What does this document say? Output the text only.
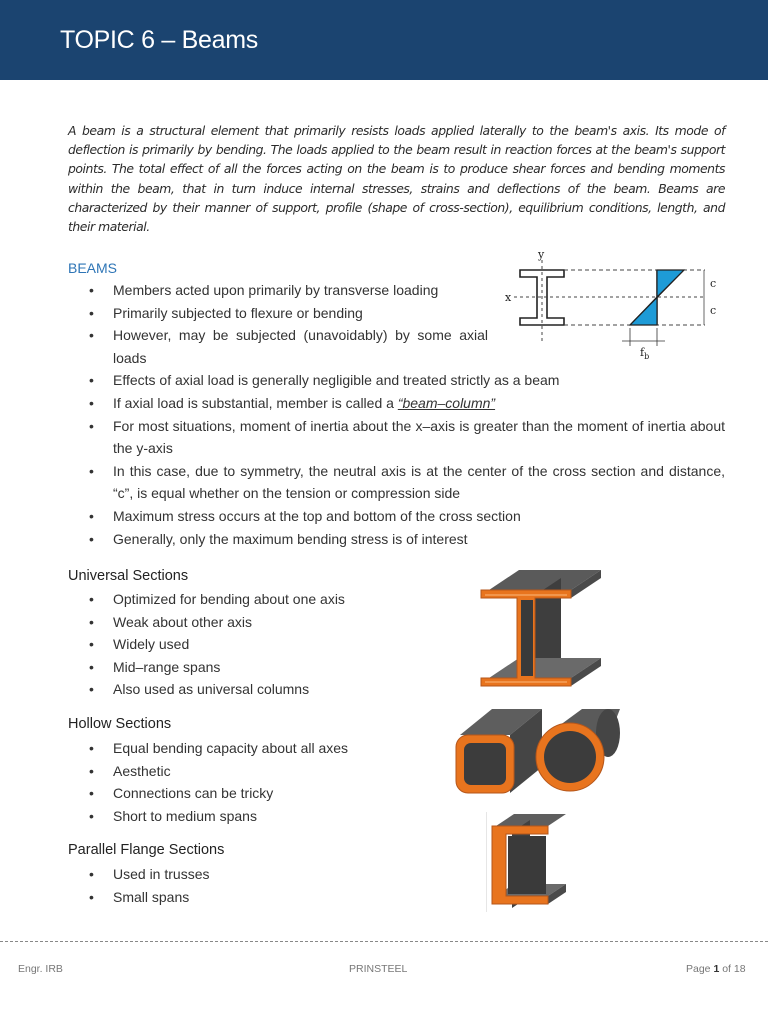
TOPIC 6 – Beams

A beam is a structural element that primarily resists loads applied laterally to the beam's axis. Its mode of deflection is primarily by bending. The loads applied to the beam result in reaction forces at the beam's support points. The total effect of all the forces acting on the beam is to produce shear forces and bending moments within the beam, that in turn induce internal stresses, strains and deflections of the beam. Beams are characterized by their manner of support, profile (shape of cross-section), equilibrium conditions, length, and their material.

BEAMS
• Members acted upon primarily by transverse loading
• Primarily subjected to flexure or bending
• However, may be subjected (unavoidably) by some axial loads
• Effects of axial load is generally negligible and treated strictly as a beam
• If axial load is substantial, member is called a “beam–column”
• For most situations, moment of inertia about the x–axis is greater than the moment of inertia about the y-axis
• In this case, due to symmetry, the neutral axis is at the center of the cross section and distance, “c”, is equal whether on the tension or compression side
• Maximum stress occurs at the top and bottom of the cross section
• Generally, only the maximum bending stress is of interest
y
x
c
c
$f_b$
Universal Sections
• Optimized for bending about one axis
• Weak about other axis
• Widely used
• Mid–range spans
• Also used as universal columns
Hollow Sections
• Equal bending capacity about all axes
• Aesthetic
• Connections can be tricky
• Short to medium spans
Parallel Flange Sections
• Used in trusses
• Small spans
Engr. IRB	PRINSTEEL	Page 1 of 18
